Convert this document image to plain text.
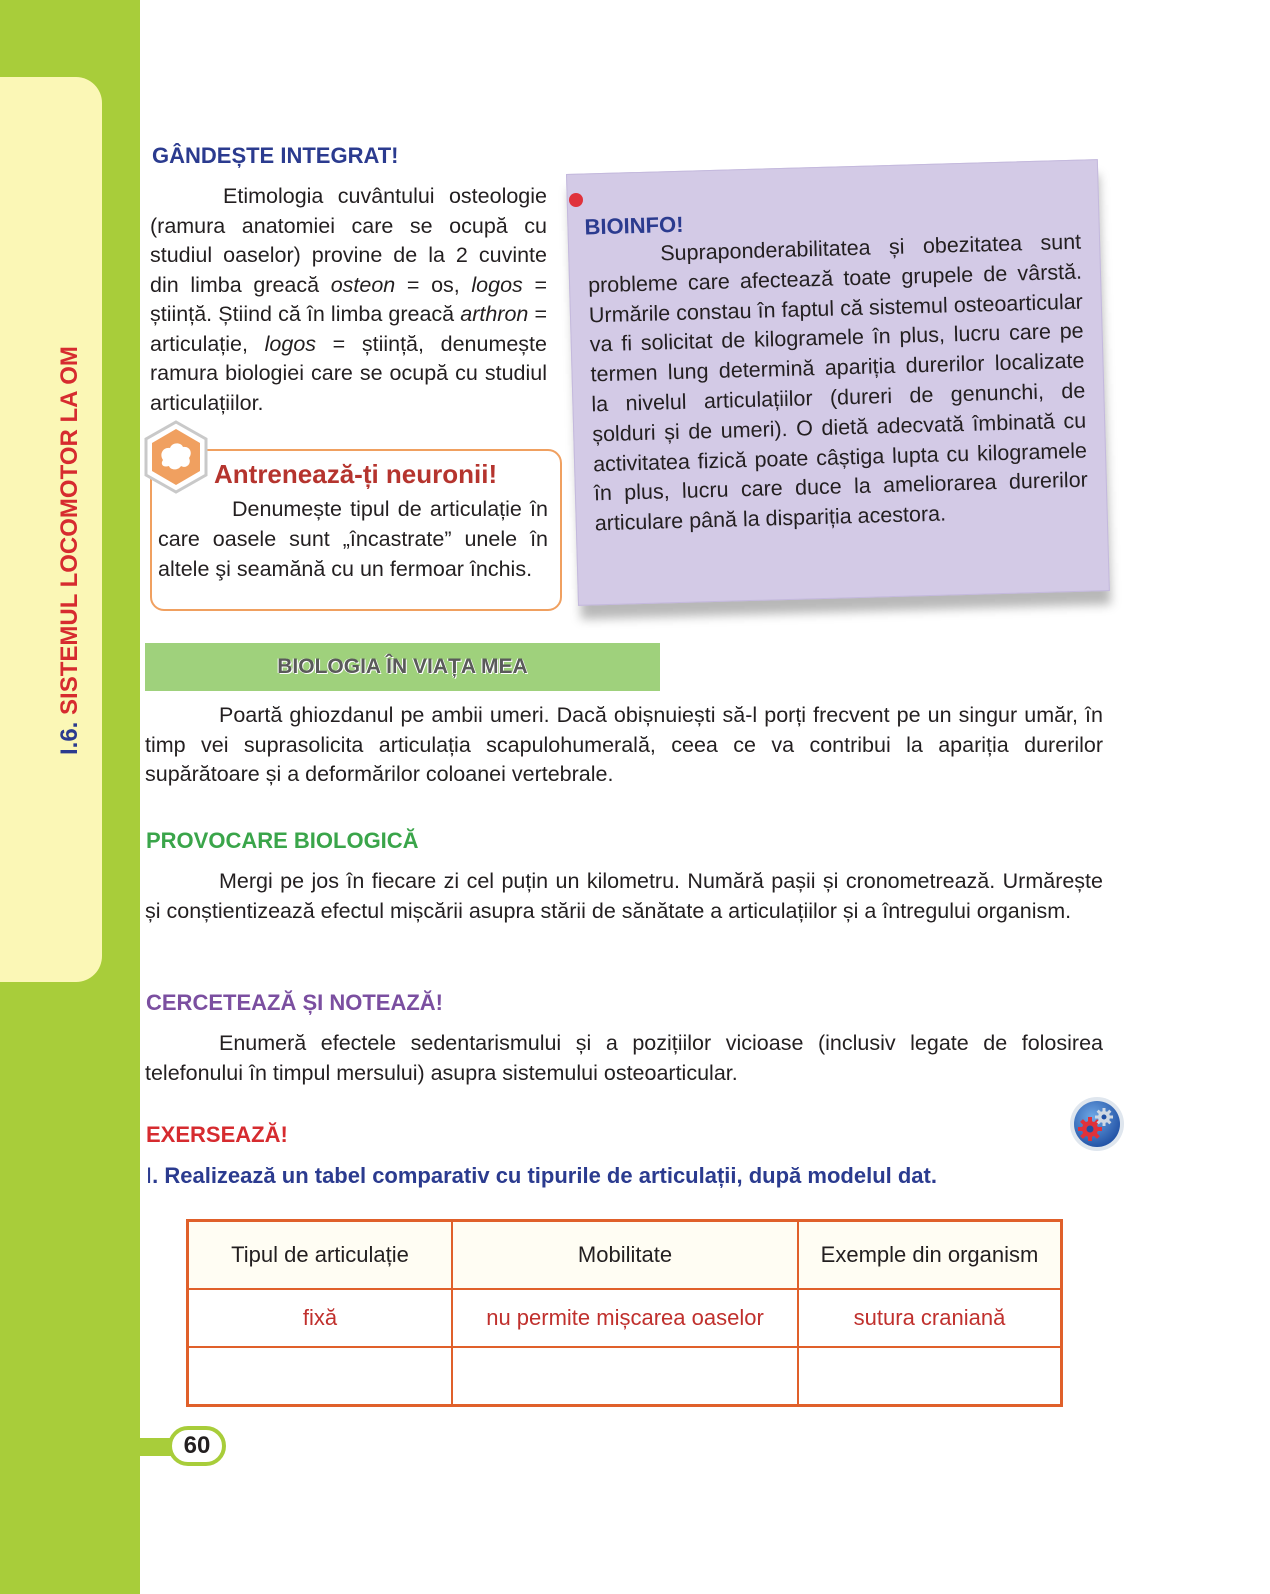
I.6. SISTEMUL LOCOMOTOR LA OM
GÂNDEȘTE INTEGRAT!

Etimologia cuvântului osteologie (ramura anatomiei care se ocupă cu studiul oaselor) provine de la 2 cuvinte din limba greacă osteon = os, logos = știință. Știind că în limba greacă arthron = articulație, logos = știință, denumește ramura biologiei care se ocupă cu studiul articulațiilor.

Antrenează-ți neuronii!

Denumește tipul de articulație în care oasele sunt „încastrate” unele în altele şi seamănă cu un fermoar închis.

BIOINFO!

Supraponderabilitatea și obezitatea sunt probleme care afectează toate grupele de vârstă. Urmările constau în faptul că sistemul osteoarticular va fi solicitat de kilogramele în plus, lucru care pe termen lung determină apariția durerilor localizate la nivelul articulațiilor (dureri de genunchi, de șolduri și de umeri). O dietă adecvată îmbinată cu activitatea fizică poate câștiga lupta cu kilogramele în plus, lucru care duce la ameliorarea durerilor articulare până la dispariția acestora.

BIOLOGIA ÎN VIAȚA MEA

Poartă ghiozdanul pe ambii umeri. Dacă obișnuiești să-l porți frecvent pe un singur umăr, în timp vei suprasolicita articulația scapulohumerală, ceea ce va contribui la apariția durerilor supărătoare și a deformărilor coloanei vertebrale.

PROVOCARE BIOLOGICĂ

Mergi pe jos în fiecare zi cel puțin un kilometru. Numără pașii și cronometrează. Urmărește și conștientizează efectul mișcării asupra stării de sănătate a articulațiilor și a întregului organism.

CERCETEAZĂ ȘI NOTEAZĂ!

Enumeră efectele sedentarismului și a pozițiilor vicioase (inclusiv legate de folosirea telefonului în timpul mersului) asupra sistemului osteoarticular.

EXERSEAZĂ!
I. Realizează un tabel comparativ cu tipurile de articulații, după modelul dat.
Tipul de articulație	Mobilitate	Exemple din organism
fixă	nu permite mișcarea oaselor	sutura craniană

60
